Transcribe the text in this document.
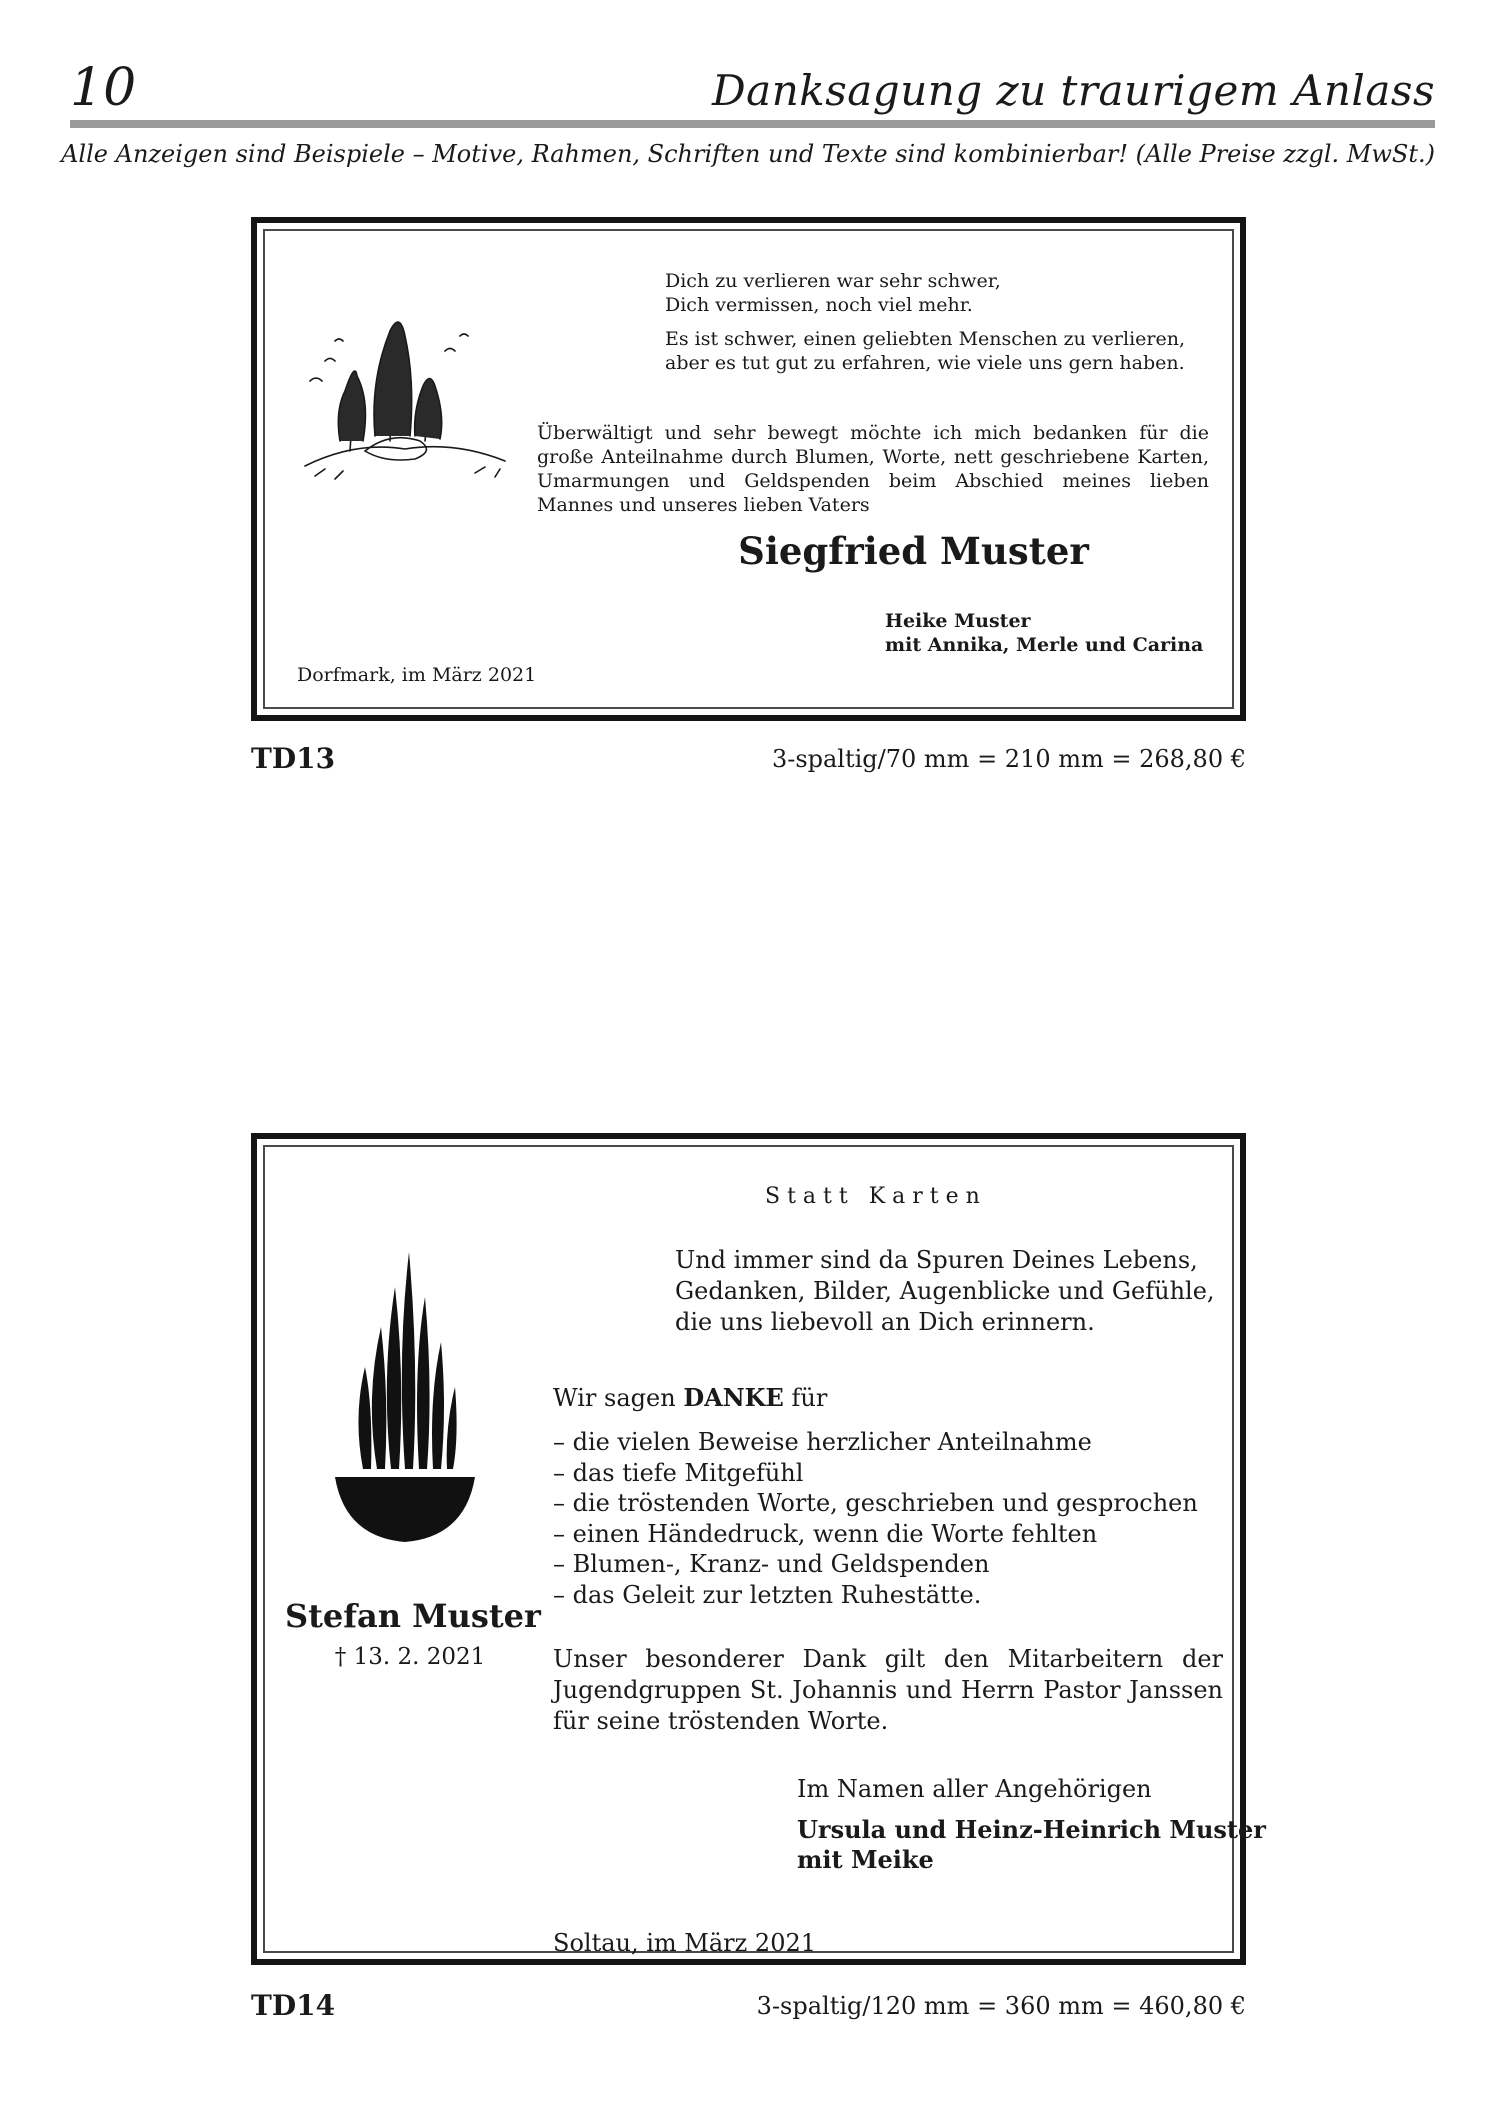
10	Danksagung zu traurigem Anlass
Alle Anzeigen sind Beispiele – Motive, Rahmen, Schriften und Texte sind kombinierbar! (Alle Preise zzgl. MwSt.)

Dich zu verlieren war sehr schwer,
Dich vermissen, noch viel mehr.

Es ist schwer, einen geliebten Menschen zu verlieren,
aber es tut gut zu erfahren, wie viele uns gern haben.

Überwältigt und sehr bewegt möchte ich mich bedanken für die große Anteilnahme durch Blumen, Worte, nett geschriebene Karten, Umarmungen und Geldspenden beim Abschied meines lieben Mannes und unseres lieben Vaters
Siegfried Muster
Heike Muster
mit Annika, Merle und Carina
Dorfmark, im März 2021
TD13	3-spaltig/70 mm = 210 mm = 268,80 €
Statt Karten
Und immer sind da Spuren Deines Lebens,
Gedanken, Bilder, Augenblicke und Gefühle,
die uns liebevoll an Dich erinnern.
Wir sagen DANKE für
– die vielen Beweise herzlicher Anteilnahme
– das tiefe Mitgefühl
– die tröstenden Worte, geschrieben und gesprochen
– einen Händedruck, wenn die Worte fehlten
– Blumen-, Kranz- und Geldspenden
– das Geleit zur letzten Ruhestätte.
Unser besonderer Dank gilt den Mitarbeitern der Jugendgruppen St. Johannis und Herrn Pastor Janssen für seine tröstenden Worte.
Im Namen aller Angehörigen
Ursula und Heinz-Heinrich Muster
mit Meike
Soltau, im März 2021
Stefan Muster
† 13. 2. 2021
TD14	3-spaltig/120 mm = 360 mm = 460,80 €
